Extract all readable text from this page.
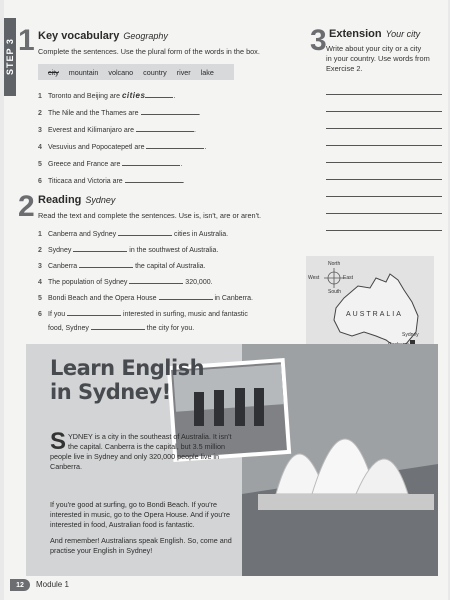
STEP 3 1 Key vocabulary Geography
Complete the sentences. Use the plural form of the words in the box.
city mountain volcano country river lake
1 Toronto and Beijing are cities	.
2 The Nile and the Thames are	.
3 Everest and Kilimanjaro are	.
4 Vesuvius and Popocatepetl are	.
5 Greece and France are	.
6 Titicaca and Victoria are	.
2 Reading Sydney
Read the text and complete the sentences. Use is, isn't, are or aren't.
1 Canberra and Sydney	cities in Australia.
2 Sydney	in the southwest of Australia.
3 Canberra	the capital of Australia.
4 The population of Sydney	320,000.
5 Bondi Beach and the Opera House	in Canberra.
6 If you	interested in surfing, music and fantastic
food, Sydney	the city for you.
3 Extension Your city
Write about your city or a city
in your country. Use words from
Exercise 2.
North
South
West	East
AUSTRALIA
Sydney
Learn English
in Sydney!
SYDNEY is a city in the southeast of Australia. It isn't the capital. Canberra is the capital, but 3.5 million people live in Sydney and only 320,000 people live in Canberra.
If you're good at surfing, go to Bondi Beach. If you're interested in music, go to the Opera House. And if you're interested in food, Australian food is fantastic.
And remember! Australians speak English. So, come and practise your English in Sydney!
12	Module 1
